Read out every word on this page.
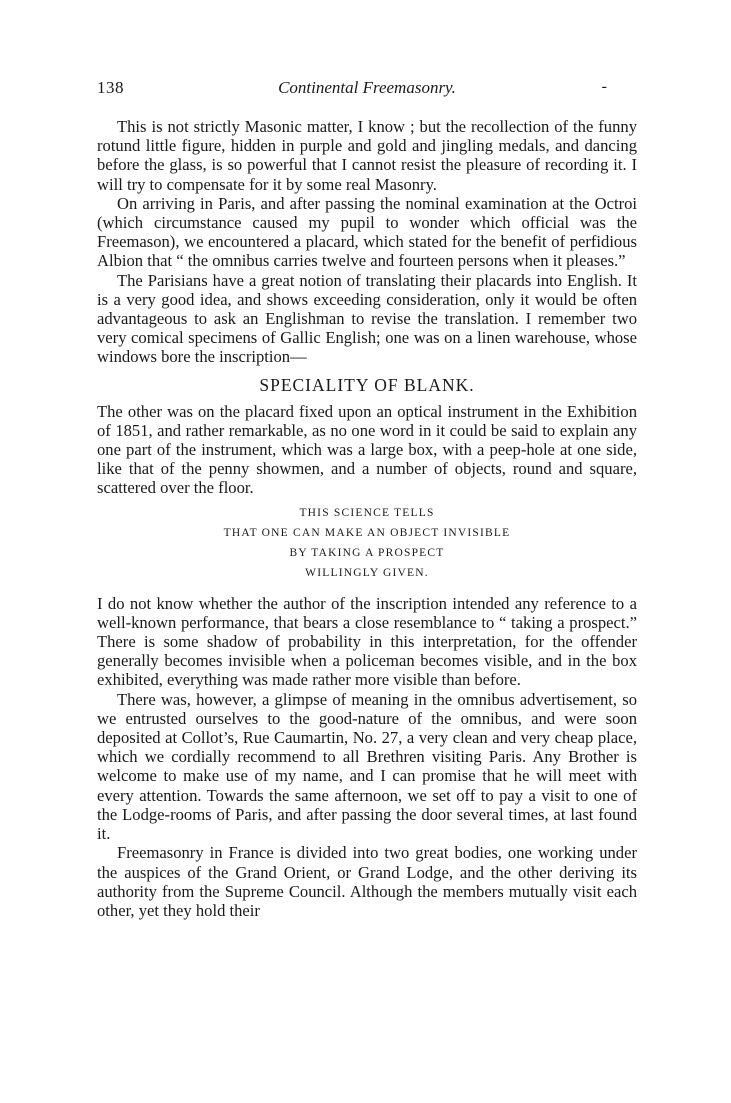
138	Continental Freemasonry.	-

This is not strictly Masonic matter, I know ; but the recollection of the funny rotund little figure, hidden in purple and gold and jingling medals, and dancing before the glass, is so powerful that I cannot resist the pleasure of recording it. I will try to compensate for it by some real Masonry.

On arriving in Paris, and after passing the nominal examination at the Octroi (which circumstance caused my pupil to wonder which official was the Freemason), we encountered a placard, which stated for the benefit of perfidious Albion that “ the omnibus carries twelve and fourteen persons when it pleases.”

The Parisians have a great notion of translating their placards into English. It is a very good idea, and shows exceeding consideration, only it would be often advantageous to ask an Englishman to revise the translation. I remember two very comical specimens of Gallic English; one was on a linen warehouse, whose windows bore the inscription—

SPECIALITY OF BLANK.

The other was on the placard fixed upon an optical instrument in the Exhibition of 1851, and rather remarkable, as no one word in it could be said to explain any one part of the instrument, which was a large box, with a peep-hole at one side, like that of the penny showmen, and a number of objects, round and square, scattered over the floor.

THIS SCIENCE TELLS
THAT ONE CAN MAKE AN OBJECT INVISIBLE
BY TAKING A PROSPECT
WILLINGLY GIVEN.

I do not know whether the author of the inscription intended any reference to a well-known performance, that bears a close resemblance to “ taking a prospect.” There is some shadow of probability in this interpretation, for the offender generally becomes invisible when a policeman becomes visible, and in the box exhibited, everything was made rather more visible than before.

There was, however, a glimpse of meaning in the omnibus advertisement, so we entrusted ourselves to the good-nature of the omnibus, and were soon deposited at Collot’s, Rue Caumartin, No. 27, a very clean and very cheap place, which we cordially recommend to all Brethren visiting Paris. Any Brother is welcome to make use of my name, and I can promise that he will meet with every attention. Towards the same afternoon, we set off to pay a visit to one of the Lodge-rooms of Paris, and after passing the door several times, at last found it.

Freemasonry in France is divided into two great bodies, one working under the auspices of the Grand Orient, or Grand Lodge, and the other deriving its authority from the Supreme Council. Although the members mutually visit each other, yet they hold their
